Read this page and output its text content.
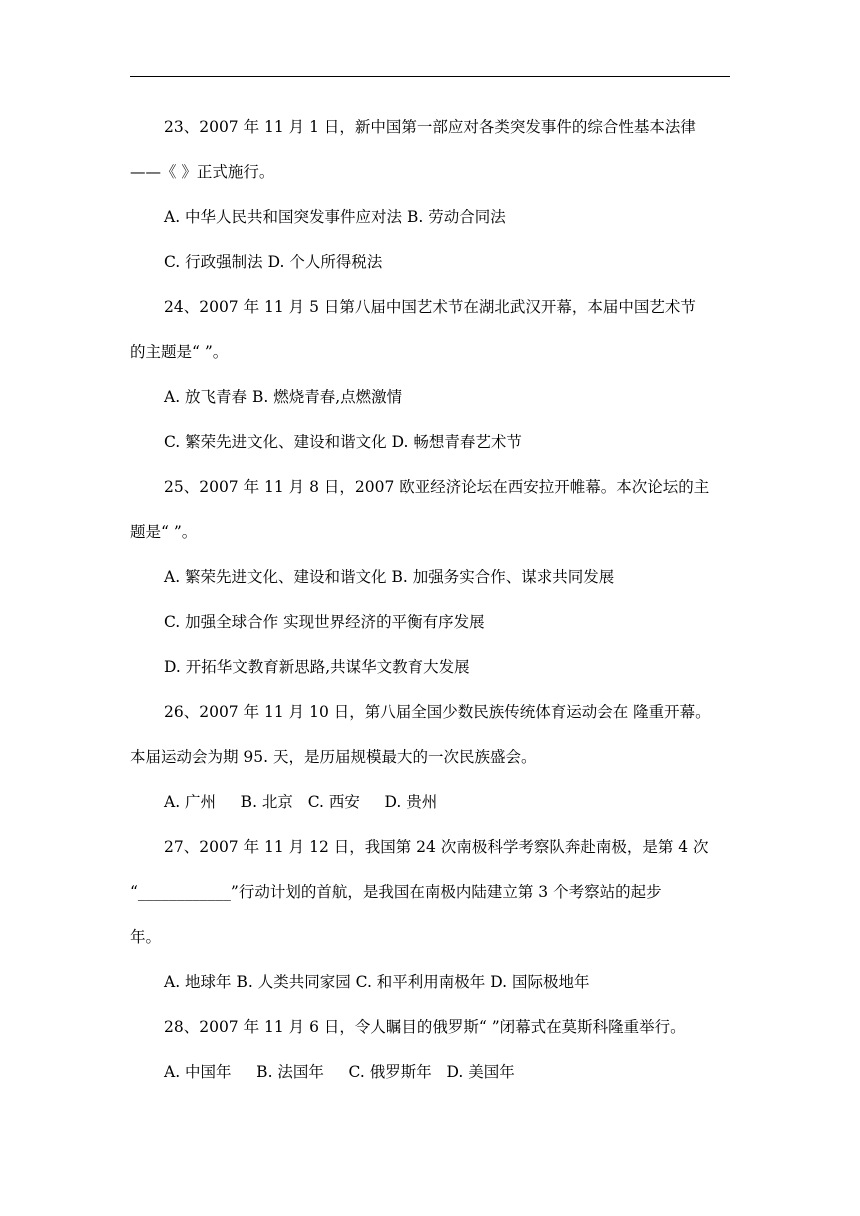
23、2007 年 11 月 1 日，新中国第一部应对各类突发事件的综合性基本法律
——《 》正式施行。
A. 中华人民共和国突发事件应对法 B. 劳动合同法
C. 行政强制法 D. 个人所得税法
24、2007 年 11 月 5 日第八届中国艺术节在湖北武汉开幕，本届中国艺术节
的主题是“ ”。
A. 放飞青春 B. 燃烧青春,点燃激情
C. 繁荣先进文化、建设和谐文化 D. 畅想青春艺术节
25、2007 年 11 月 8 日，2007 欧亚经济论坛在西安拉开帷幕。本次论坛的主
题是“ ”。
A. 繁荣先进文化、建设和谐文化 B. 加强务实合作、谋求共同发展
C. 加强全球合作 实现世界经济的平衡有序发展
D. 开拓华文教育新思路,共谋华文教育大发展
26、2007 年 11 月 10 日，第八届全国少数民族传统体育运动会在 隆重开幕。
本届运动会为期 95. 天，是历届规模最大的一次民族盛会。
A. 广州     B. 北京   C. 西安     D. 贵州
27、2007 年 11 月 12 日，我国第 24 次南极科学考察队奔赴南极，是第 4 次
“____________”行动计划的首航，是我国在南极内陆建立第 3 个考察站的起步
年。
A. 地球年 B. 人类共同家园 C. 和平利用南极年 D. 国际极地年
28、2007 年 11 月 6 日，令人瞩目的俄罗斯“ ”闭幕式在莫斯科隆重举行。
A. 中国年     B. 法国年     C. 俄罗斯年   D. 美国年
